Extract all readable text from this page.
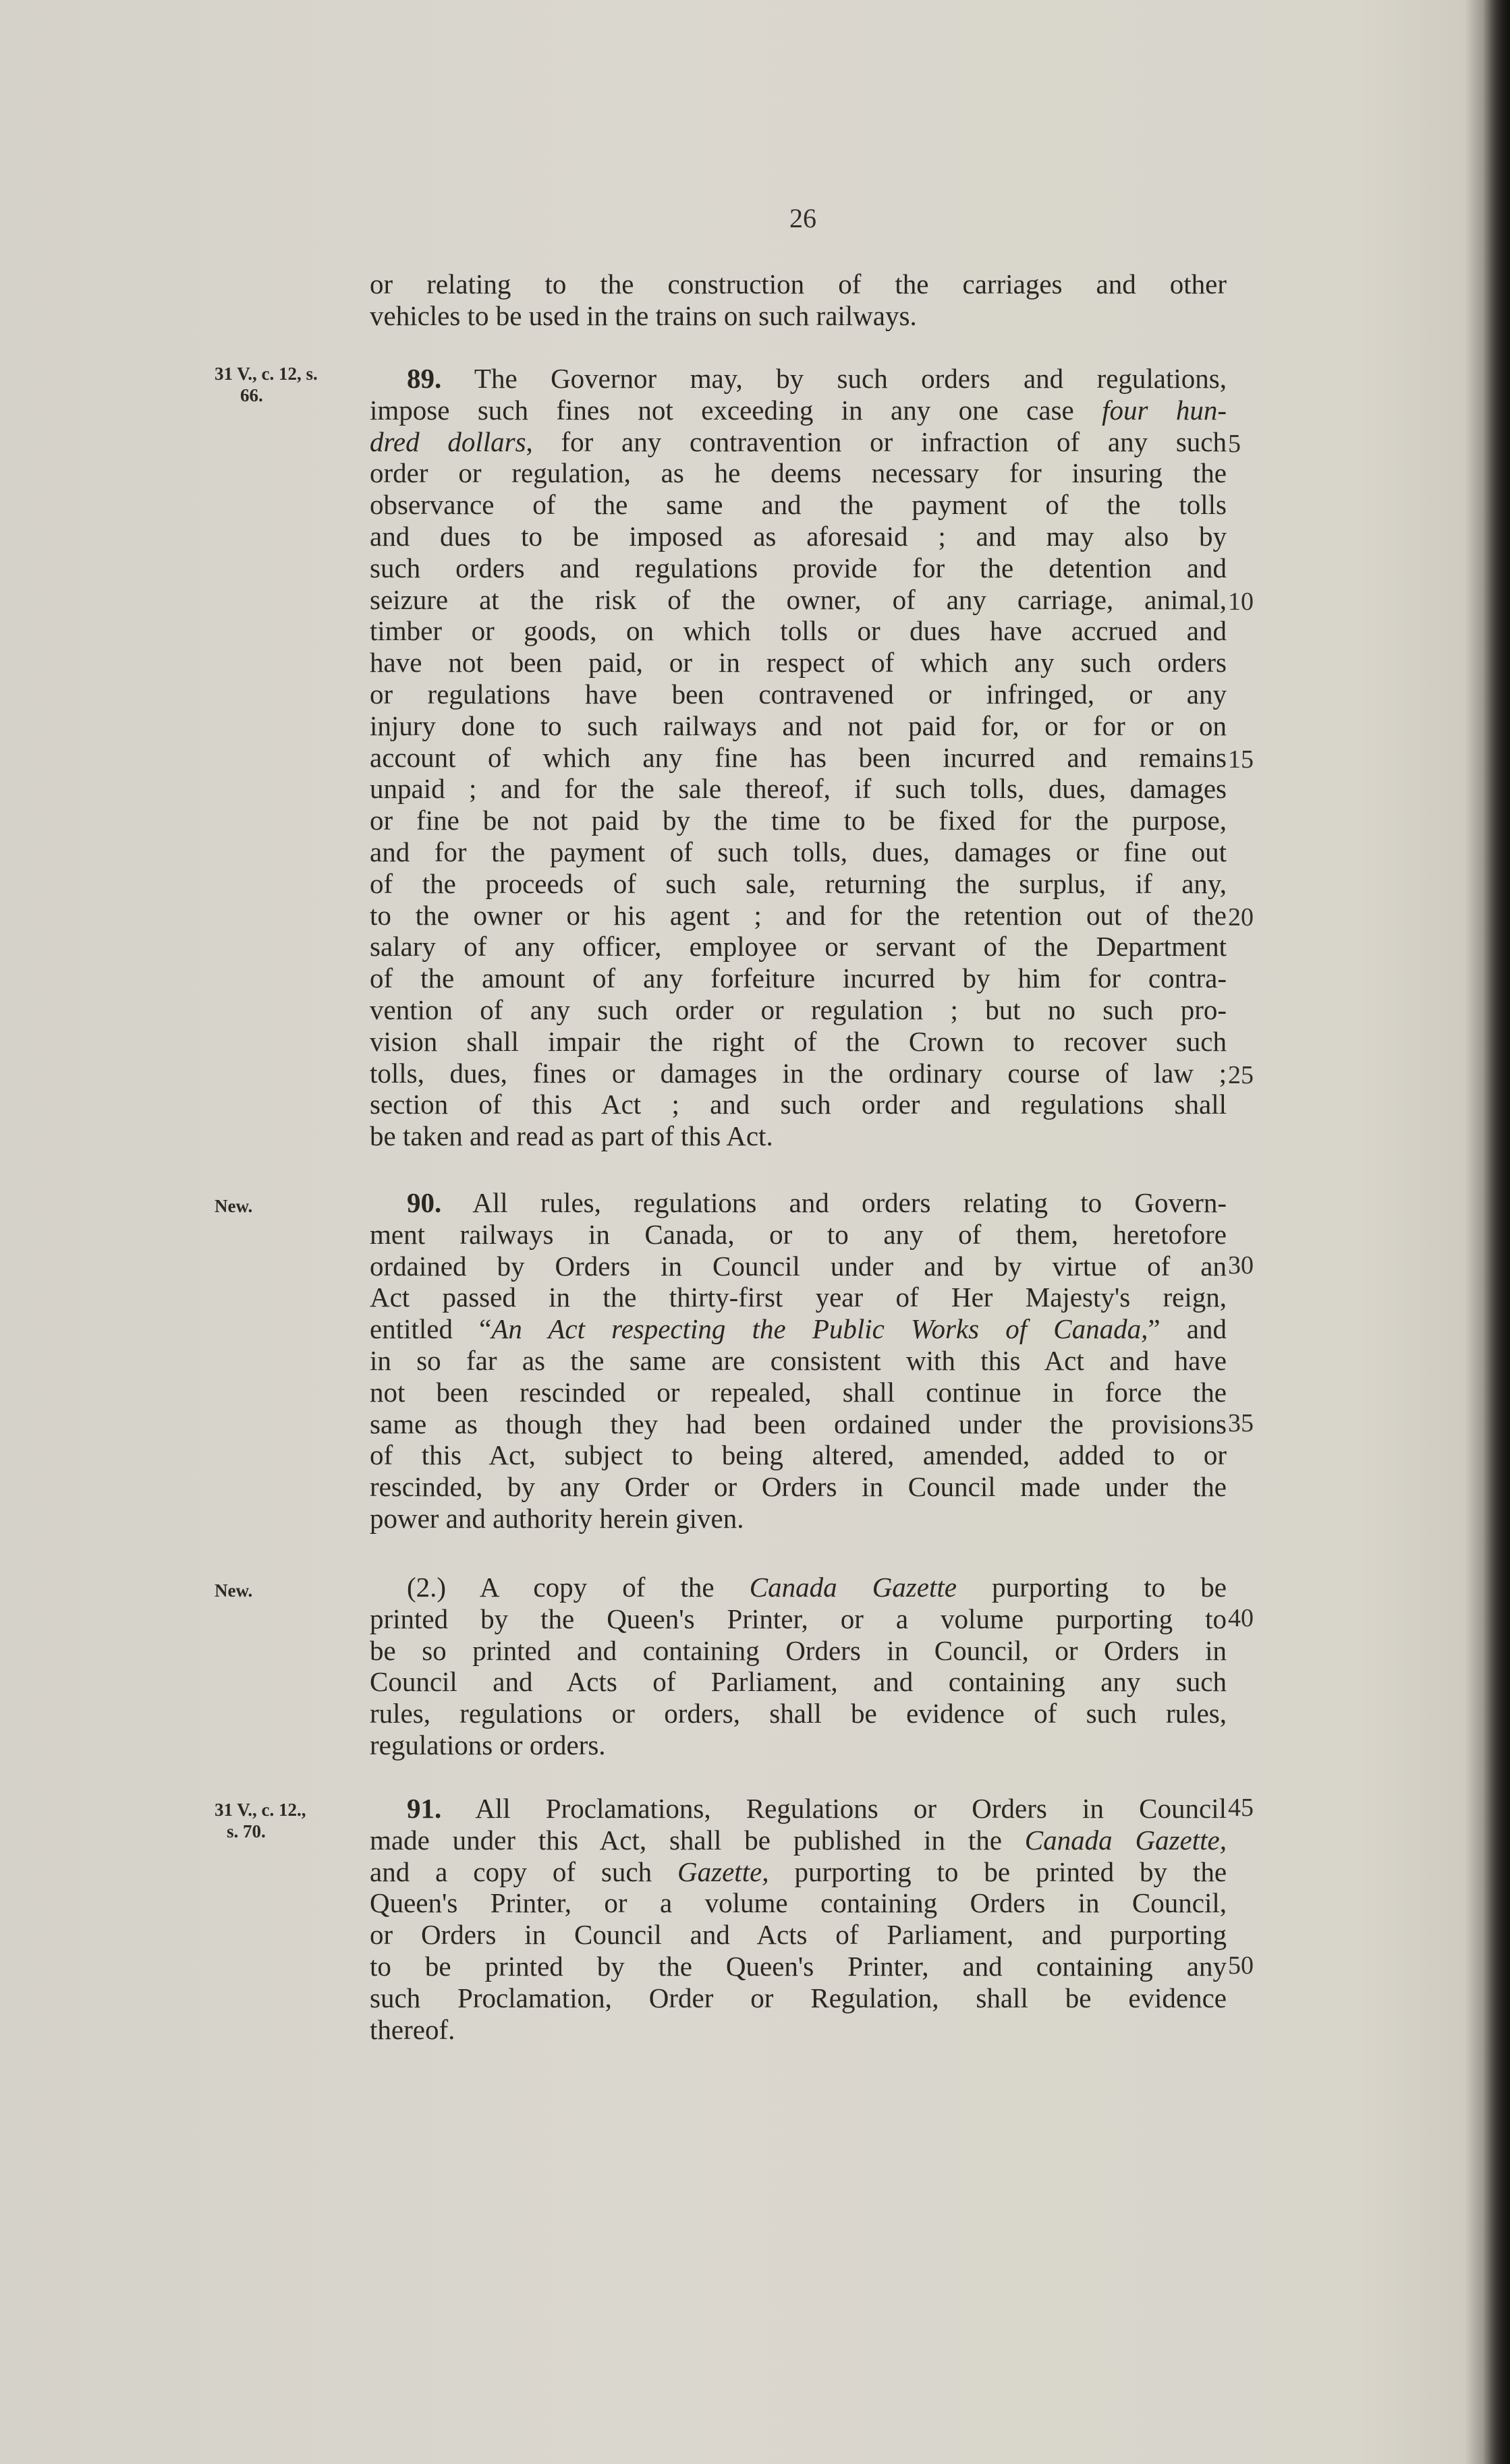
26
or relating to the construction of the carriages and other
vehicles to be used in the trains on such railways.
31 V., c. 12, s.
66.
89. The Governor may, by such orders and regulations,
impose such fines not exceeding in any one case four hun-
dred dollars, for any contravention or infraction of any such
order or regulation, as he deems necessary for insuring the
observance of the same and the payment of the tolls
and dues to be imposed as aforesaid ; and may also by
such orders and regulations provide for the detention and
seizure at the risk of the owner, of any carriage, animal,
timber or goods, on which tolls or dues have accrued and
have not been paid, or in respect of which any such orders
or regulations have been contravened or infringed, or any
injury done to such railways and not paid for, or for or on
account of which any fine has been incurred and remains
unpaid ; and for the sale thereof, if such tolls, dues, damages
or fine be not paid by the time to be fixed for the purpose,
and for the payment of such tolls, dues, damages or fine out
of the proceeds of such sale, returning the surplus, if any,
to the owner or his agent ; and for the retention out of the
salary of any officer, employee or servant of the Department
of the amount of any forfeiture incurred by him for contra-
vention of any such order or regulation ; but no such pro-
vision shall impair the right of the Crown to recover such
tolls, dues, fines or damages in the ordinary course of law ;
section of this Act ; and such order and regulations shall
be taken and read as part of this Act.
New.	90. All rules, regulations and orders relating to Govern-
ment railways in Canada, or to any of them, heretofore
ordained by Orders in Council under and by virtue of an
Act passed in the thirty-first year of Her Majesty's reign,
entitled “An Act respecting the Public Works of Canada,” and
in so far as the same are consistent with this Act and have
not been rescinded or repealed, shall continue in force the
same as though they had been ordained under the provisions
of this Act, subject to being altered, amended, added to or
rescinded, by any Order or Orders in Council made under the
power and authority herein given.
New.	(2.) A copy of the Canada Gazette purporting to be
printed by the Queen's Printer, or a volume purporting to
be so printed and containing Orders in Council, or Orders in
Council and Acts of Parliament, and containing any such
rules, regulations or orders, shall be evidence of such rules,
regulations or orders.
31 V., c. 12.,
s. 70.
91. All Proclamations, Regulations or Orders in Council
made under this Act, shall be published in the Canada Gazette,
and a copy of such Gazette, purporting to be printed by the
Queen's Printer, or a volume containing Orders in Council,
or Orders in Council and Acts of Parliament, and purporting
to be printed by the Queen's Printer, and containing any
such Proclamation, Order or Regulation, shall be evidence
thereof.
5
10
15
20
25
30
35
40
45
50
